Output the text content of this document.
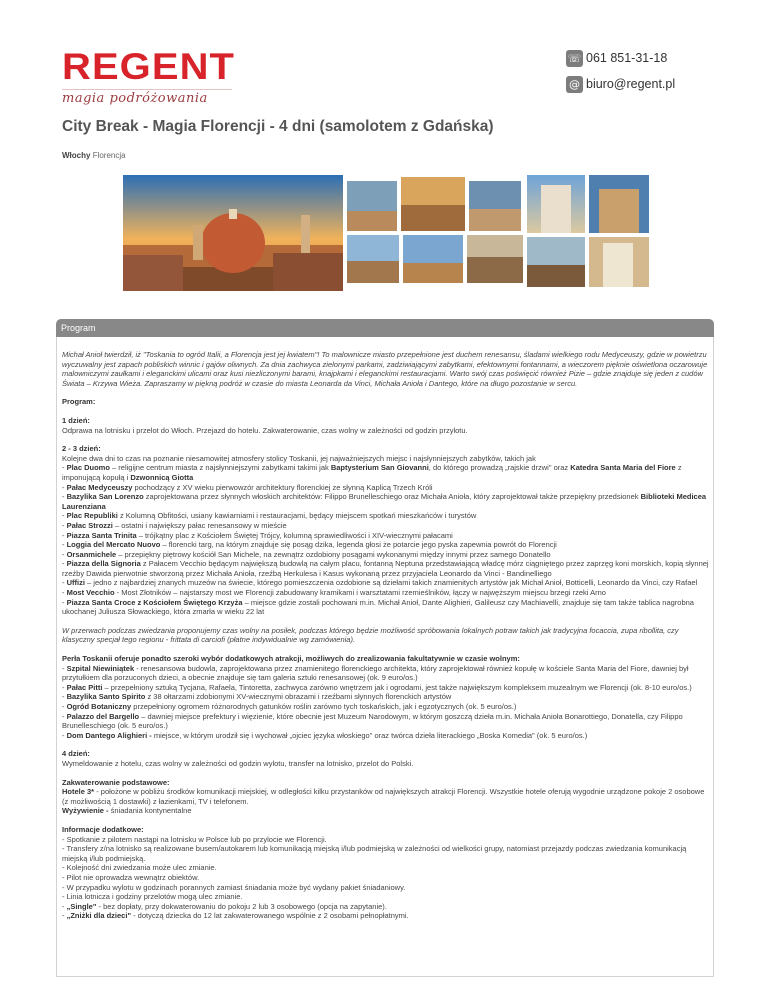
REGENT
magia podróżowania
☏ 061 851-31-18
@ biuro@regent.pl
City Break - Magia Florencji - 4 dni (samolotem z Gdańska)
Włochy Florencja
Program

Michał Anioł twierdził, iż "Toskania to ogród Italii, a Florencja jest jej kwiatem"! To malownicze miasto przepełnione jest duchem renesansu, śladami wielkiego rodu Medyceuszy, gdzie w powietrzu wyczuwalny jest zapach pobliskich winnic i gajów oliwnych. Za dnia zachwyca zielonymi parkami, zadziwiającymi zabytkami, efektownymi fontannami, a wieczorem pięknie oświetlona oczarowuje malowniczymi zaułkami i eleganckimi ulicami oraz kusi niezliczonymi barami, knajpkami i eleganckimi restauracjami. Warto swój czas poświęcić również Pizie – gdzie znajduje się jeden z cudów Świata – Krzywa Wieża. Zapraszamy w piękną podróż w czasie do miasta Leonarda da Vinci, Michała Anioła i Dantego, które na długo pozostanie w sercu.

Program:

1 dzień:
Odprawa na lotnisku i przelot do Włoch. Przejazd do hotelu. Zakwaterowanie, czas wolny w zależności od godzin przylotu.

2 - 3 dzień:
Kolejne dwa dni to czas na poznanie niesamowitej atmosfery stolicy Toskanii, jej najważniejszych miejsc i najsłynniejszych zabytków, takich jak
- Plac Duomo – religijne centrum miasta z najsłynniejszymi zabytkami takimi jak Baptysterium San Giovanni, do którego prowadzą „rajskie drzwi" oraz Katedra Santa Maria del Fiore z imponującą kopułą i Dzwonnicą Giotta
- Pałac Medyceuszy pochodzący z XV wieku pierwowzór architektury florenckiej ze słynną Kaplicą Trzech Króli
- Bazylika San Lorenzo zaprojektowana przez słynnych włoskich architektów: Filippo Brunelleschiego oraz Michała Anioła, który zaprojektował także przepiękny przedsionek Biblioteki Medicea Laurenziana
- Plac Republiki z Kolumną Obfitości, usiany kawiarniami i restauracjami, będący miejscem spotkań mieszkańców i turystów
- Pałac Strozzi – ostatni i największy pałac renesansowy w mieście
- Piazza Santa Trinita – trójkątny plac z Kościołem Świętej Trójcy, kolumną sprawiedliwości i XIV-wiecznymi pałacami
- Loggia del Mercato Nuovo – florencki targ, na którym znajduje się posąg dzika, legenda głosi że potarcie jego pyska zapewnia powrót do Florencji
- Orsanmichele – przepiękny piętrowy kościół San Michele, na zewnątrz ozdobiony posągami wykonanymi między innymi przez samego Donatello
- Piazza della Signoria z Pałacem Vecchio będącym największą budowlą na całym placu, fontanną Neptuna przedstawiającą władcę mórz ciągniętego przez zaprzęg koni morskich, kopią słynnej rzeźby Dawida pierwotnie stworzoną przez Michała Anioła, rzeźbą Herkulesa i Kasus wykonaną przez przyjaciela Leonardo da Vinci - Bandinelliego
- Uffizi – jedno z najbardziej znanych muzeów na świecie, którego pomieszczenia ozdobione są dziełami takich znamienitych artystów jak Michał Anioł, Botticelli, Leonardo da Vinci, czy Rafael
- Most Vecchio - Most Złotników – najstarszy most we Florencji zabudowany kramikami i warsztatami rzemieślników, łączy w najwęższym miejscu brzegi rzeki Arno
- Piazza Santa Croce z Kościołem Świętego Krzyża – miejsce gdzie zostali pochowani m.in. Michał Anioł, Dante Alighieri, Galileusz czy Machiavelli, znajduje się tam także tablica nagrobna ukochanej Juliusza Słowackiego, która zmarła w wieku 22 lat

W przerwach podczas zwiedzania proponujemy czas wolny na posiłek, podczas którego będzie możliwość spróbowania lokalnych potraw takich jak tradycyjna focaccia, zupa ribollita, czy klasyczny specjał tego regionu - frittata di carciofi (płatne indywidualnie wg zamówienia).

Perła Toskanii oferuje ponadto szeroki wybór dodatkowych atrakcji, możliwych do zrealizowania fakultatywnie w czasie wolnym:
- Szpital Niewiniątek - renesansowa budowla, zaprojektowana przez znamienitego florenckiego architekta, który zaprojektował również kopułę w kościele Santa Maria del Fiore, dawniej był przytułkiem dla porzuconych dzieci, a obecnie znajduje się tam galeria sztuki renesansowej (ok. 9 euro/os.)
- Pałac Pitti – przepełniony sztuką Tycjana, Rafaela, Tintoretta, zachwyca zarówno wnętrzem jak i ogrodami, jest także największym kompleksem muzealnym we Florencji (ok. 8-10 euro/os.)
- Bazylika Santo Spirito z 38 ołtarzami zdobionymi XV-wiecznymi obrazami i rzeźbami słynnych florenckich artystów
- Ogród Botaniczny przepełniony ogromem różnorodnych gatunków roślin zarówno tych toskańskich, jak i egzotycznych (ok. 5 euro/os.)
- Palazzo del Bargello – dawniej miejsce prefektury i więzienie, które obecnie jest Muzeum Narodowym, w którym goszczą dzieła m.in. Michała Anioła Bonarottiego, Donatella, czy Filippo Brunelleschiego (ok. 5 euro/os.)
- Dom Dantego Alighieri - miejsce, w którym urodził się i wychował „ojciec języka włoskiego" oraz twórca dzieła literackiego „Boska Komedia" (ok. 5 euro/os.)

4 dzień:
Wymeldowanie z hotelu, czas wolny w zależności od godzin wylotu, transfer na lotnisko, przelot do Polski.

Zakwaterowanie podstawowe:
Hotele 3* - położone w pobliżu środków komunikacji miejskiej, w odległości kilku przystanków od największych atrakcji Florencji. Wszystkie hotele oferują wygodnie urządzone pokoje 2 osobowe (z możliwością 1 dostawki) z łazienkami, TV i telefonem.
Wyżywienie - śniadania kontynentalne

Informacje dodatkowe:
- Spotkanie z pilotem nastąpi na lotnisku w Polsce lub po przylocie we Florencji.
- Transfery z/na lotnisko są realizowane busem/autokarem lub komunikacją miejską i/lub podmiejską w zależności od wielkości grupy, natomiast przejazdy podczas zwiedzania komunikacją miejską i/lub podmiejską.
- Kolejność dni zwiedzania może ulec zmianie.
- Pilot nie oprowadza wewnątrz obiektów.
- W przypadku wylotu w godzinach porannych zamiast śniadania może być wydany pakiet śniadaniowy.
- Linia lotnicza i godziny przelotów mogą ulec zmianie.
- „Single" - bez dopłaty, przy dokwaterowaniu do pokoju 2 lub 3 osobowego (opcja na zapytanie).
- „Zniżki dla dzieci" - dotyczą dziecka do 12 lat zakwaterowanego wspólnie z 2 osobami pełnopłatnymi.
